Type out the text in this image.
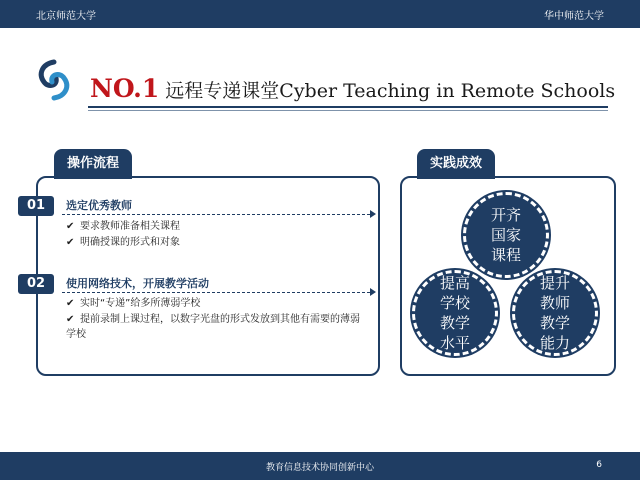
北京师范大学	华中师范大学
NO.1 远程专递课堂Cyber Teaching in Remote Schools
操作流程
01	选定优秀教师
✔ 要求教师准备相关课程
✔ 明确授课的形式和对象
02	使用网络技术，开展教学活动
✔ 实时“专递”给多所薄弱学校
✔ 提前录制上课过程，以数字光盘的形式发放到其他有需要的薄弱学校
实践成效
开齐国家课程
提高学校教学水平
提升教师教学能力
教育信息技术协同创新中心	6
